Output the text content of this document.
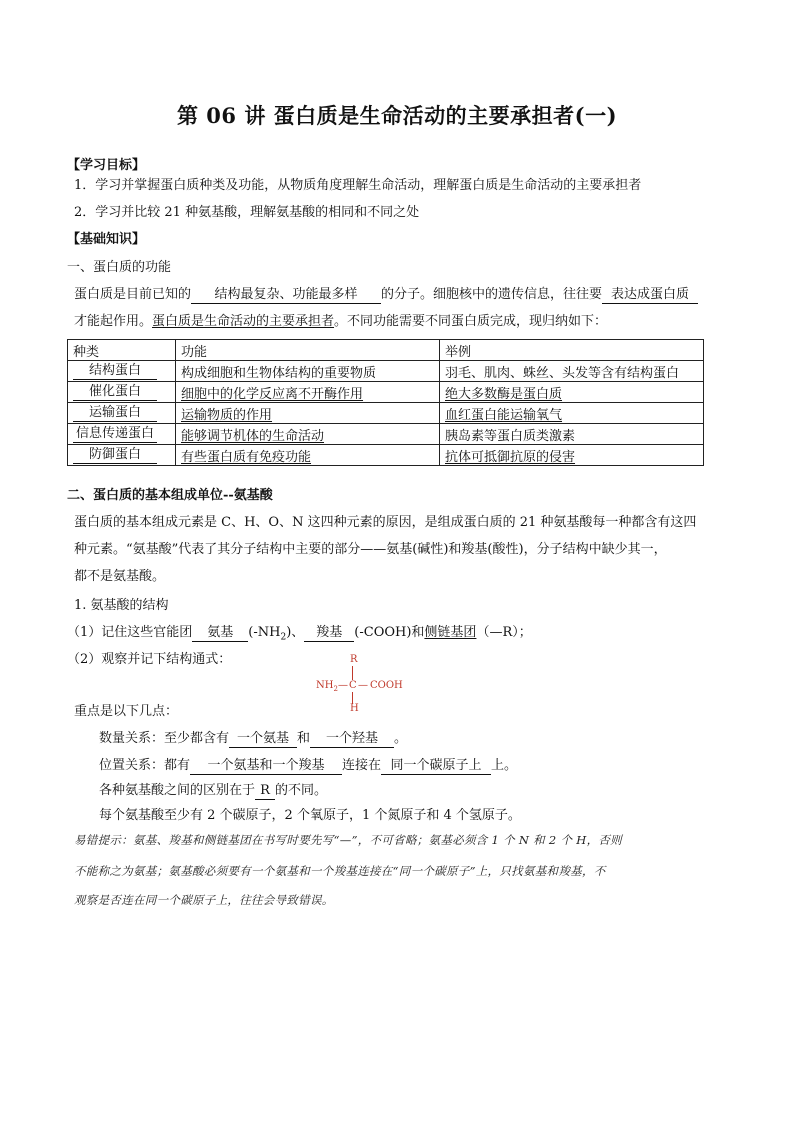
第 06 讲 蛋白质是生命活动的主要承担者(一)
【学习目标】
1．学习并掌握蛋白质种类及功能，从物质角度理解生命活动，理解蛋白质是生命活动的主要承担者
2．学习并比较 21 种氨基酸，理解氨基酸的相同和不同之处
【基础知识】
一、蛋白质的功能
蛋白质是目前已知的 结构最复杂、功能最多样 的分子。细胞核中的遗传信息，往往要 表达成蛋白质
才能起作用。蛋白质是生命活动的主要承担者。不同功能需要不同蛋白质完成，现归纳如下：
种类	功能	举例
结构蛋白	构成细胞和生物体结构的重要物质	羽毛、肌肉、蛛丝、头发等含有结构蛋白
催化蛋白	细胞中的化学反应离不开酶作用	绝大多数酶是蛋白质
运输蛋白	运输物质的作用	血红蛋白能运输氧气
信息传递蛋白	能够调节机体的生命活动	胰岛素等蛋白质类激素
防御蛋白	有些蛋白质有免疫功能	抗体可抵御抗原的侵害
二、蛋白质的基本组成单位--氨基酸
蛋白质的基本组成元素是 C、H、O、N 这四种元素的原因，是组成蛋白质的 21 种氨基酸每一种都含有这四
种元素。“氨基酸”代表了其分子结构中主要的部分——氨基(碱性)和羧基(酸性)，分子结构中缺少其一，
都不是氨基酸。
1. 氨基酸的结构
（1）记住这些官能团 氨基 $(-NH_2)$、 羧基 (-COOH)和侧链基团（—R）；
（2）观察并记下结构通式：	R
$NH_2$ — C — COOH
H
重点是以下几点：
数量关系：至少都含有 一个氨基 和 一个羟基 。
位置关系：都有 一个氨基和一个羧基 连接在 同一个碳原子上 上。
各种氨基酸之间的区别在于 R 的不同。
每个氨基酸至少有 2 个碳原子，2 个氧原子，1 个氮原子和 4 个氢原子。
易错提示：氨基、羧基和侧链基团在书写时要先写“—”，不可省略；氨基必须含 1 个 N 和 2 个 H，否则
不能称之为氨基；氨基酸必须要有一个氨基和一个羧基连接在“同一个碳原子”上，只找氨基和羧基，不
观察是否连在同一个碳原子上，往往会导致错误。
